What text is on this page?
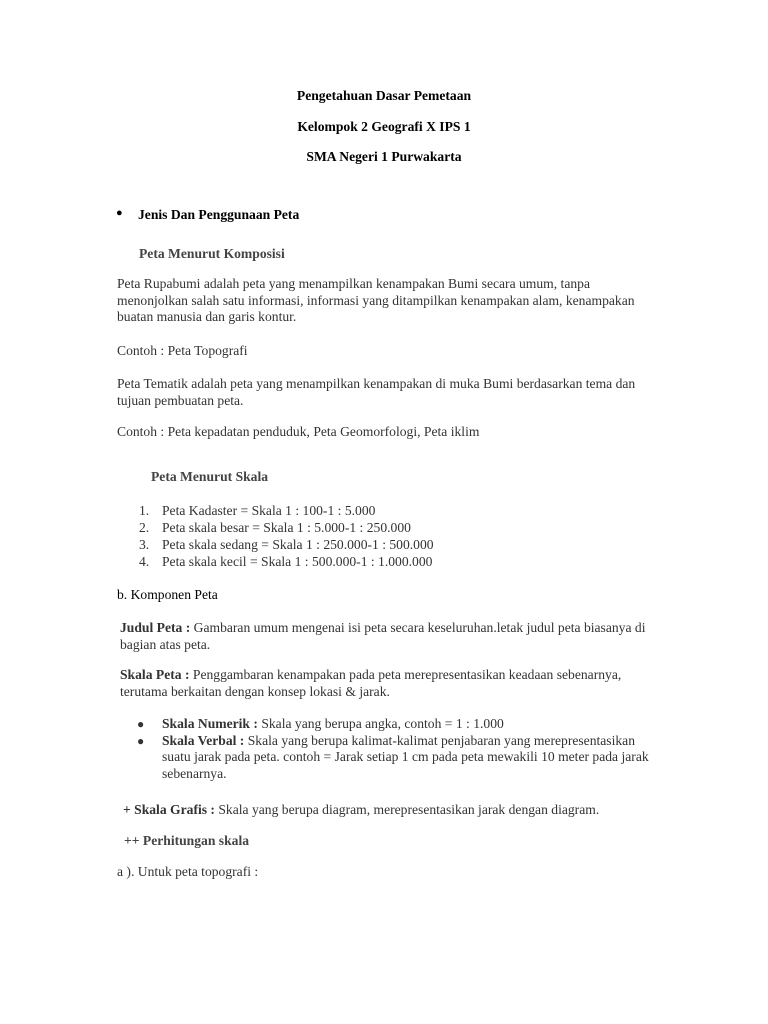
Pengetahuan Dasar Pemetaan
Kelompok 2 Geografi X IPS 1
SMA Negeri 1 Purwakarta
● Jenis Dan Penggunaan Peta
Peta Menurut Komposisi
Peta Rupabumi adalah peta yang menampilkan kenampakan Bumi secara umum, tanpa menonjolkan salah satu informasi, informasi yang ditampilkan kenampakan alam, kenampakan buatan manusia dan garis kontur.
Contoh : Peta Topografi
Peta Tematik adalah peta yang menampilkan kenampakan di muka Bumi berdasarkan tema dan tujuan pembuatan peta.
Contoh : Peta kepadatan penduduk, Peta Geomorfologi, Peta iklim
Peta Menurut Skala
1. Peta Kadaster = Skala 1 : 100-1 : 5.000
2. Peta skala besar = Skala 1 : 5.000-1 : 250.000
3. Peta skala sedang = Skala 1 : 250.000-1 : 500.000
4. Peta skala kecil = Skala 1 : 500.000-1 : 1.000.000
b. Komponen Peta
Judul Peta : Gambaran umum mengenai isi peta secara keseluruhan.letak judul peta biasanya di bagian atas peta.
Skala Peta : Penggambaran kenampakan pada peta merepresentasikan keadaan sebenarnya, terutama berkaitan dengan konsep lokasi & jarak.
● Skala Numerik : Skala yang berupa angka, contoh = 1 : 1.000
● Skala Verbal : Skala yang berupa kalimat-kalimat penjabaran yang merepresentasikan suatu jarak pada peta. contoh = Jarak setiap 1 cm pada peta mewakili 10 meter pada jarak sebenarnya.
+ Skala Grafis : Skala yang berupa diagram, merepresentasikan jarak dengan diagram.
++ Perhitungan skala
a ). Untuk peta topografi :
